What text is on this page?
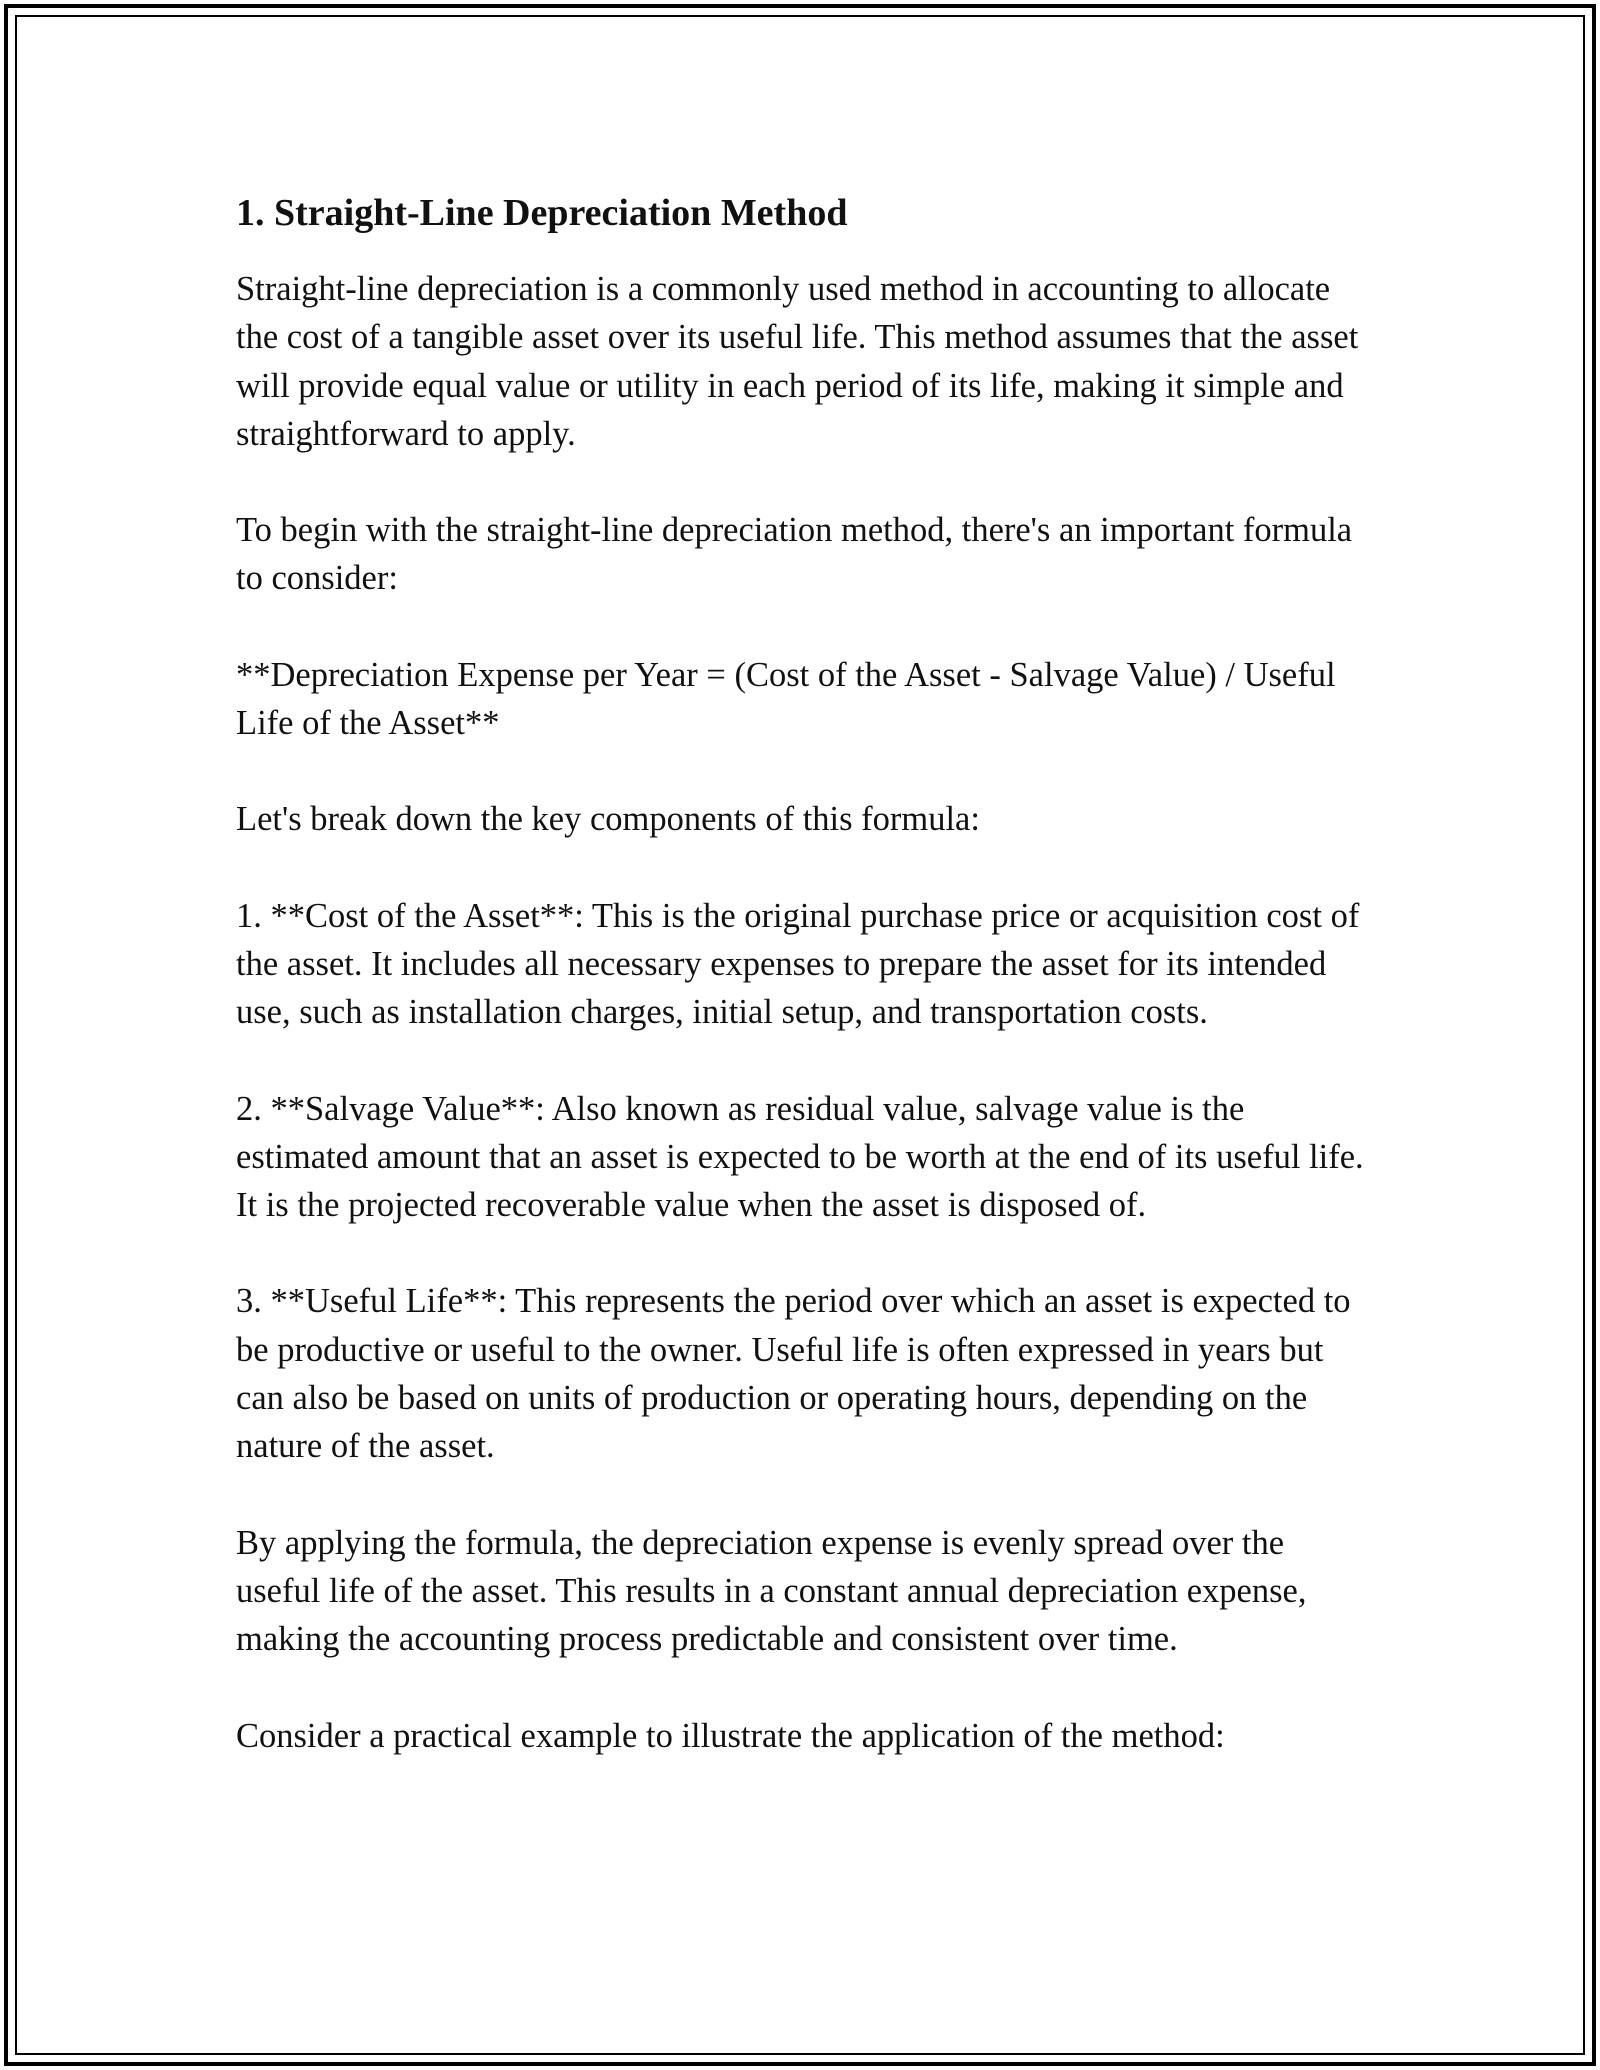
1. Straight-Line Depreciation Method

Straight-line depreciation is a commonly used method in accounting to allocate the cost of a tangible asset over its useful life. This method assumes that the asset will provide equal value or utility in each period of its life, making it simple and straightforward to apply.

To begin with the straight-line depreciation method, there's an important formula to consider:

**Depreciation Expense per Year = (Cost of the Asset - Salvage Value) / Useful Life of the Asset**

Let's break down the key components of this formula:

1. **Cost of the Asset**: This is the original purchase price or acquisition cost of the asset. It includes all necessary expenses to prepare the asset for its intended use, such as installation charges, initial setup, and transportation costs.

2. **Salvage Value**: Also known as residual value, salvage value is the estimated amount that an asset is expected to be worth at the end of its useful life. It is the projected recoverable value when the asset is disposed of.

3. **Useful Life**: This represents the period over which an asset is expected to be productive or useful to the owner. Useful life is often expressed in years but can also be based on units of production or operating hours, depending on the nature of the asset.

By applying the formula, the depreciation expense is evenly spread over the useful life of the asset. This results in a constant annual depreciation expense, making the accounting process predictable and consistent over time.

Consider a practical example to illustrate the application of the method:
